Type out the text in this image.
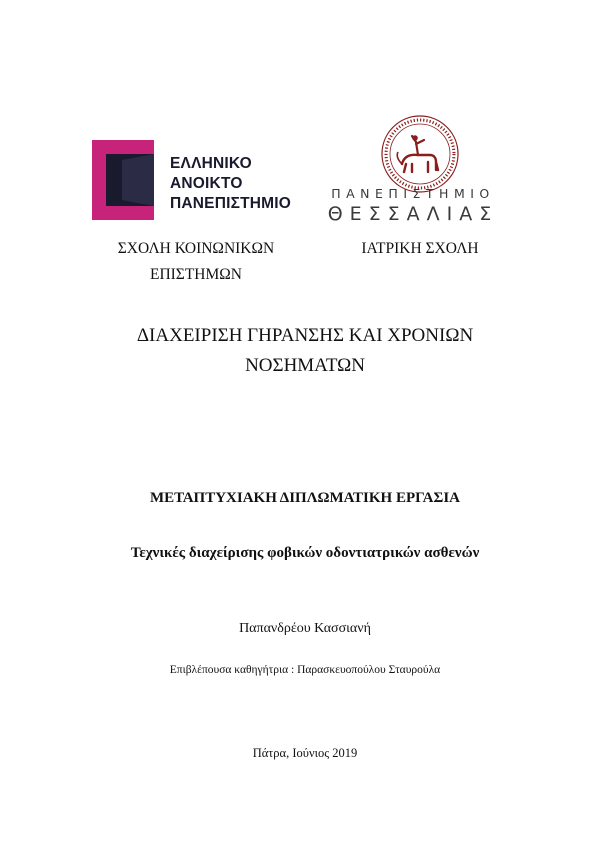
ΕΛΛΗΝΙΚΟ
ΑΝΟΙΚΤΟ
ΠΑΝΕΠΙΣΤΗΜΙΟ
ΠΑΝΕΠΙΣΤΗΜΙΟ
ΘΕΣΣΑΛΙΑΣ
ΣΧΟΛΗ ΚΟΙΝΩΝΙΚΩΝ
ΕΠΙΣΤΗΜΩΝ
ΙΑΤΡΙΚΗ ΣΧΟΛΗ
ΔΙΑΧΕΙΡΙΣΗ ΓΗΡΑΝΣΗΣ ΚΑΙ ΧΡΟΝΙΩΝ
ΝΟΣΗΜΑΤΩΝ
ΜΕΤΑΠΤΥΧΙΑΚΗ ΔΙΠΛΩΜΑΤΙΚΗ ΕΡΓΑΣΙΑ
Τεχνικές διαχείρισης φοβικών οδοντιατρικών ασθενών
Παπανδρέου Κασσιανή
Επιβλέπουσα καθηγήτρια : Παρασκευοπούλου Σταυρούλα
Πάτρα, Ιούνιος 2019
